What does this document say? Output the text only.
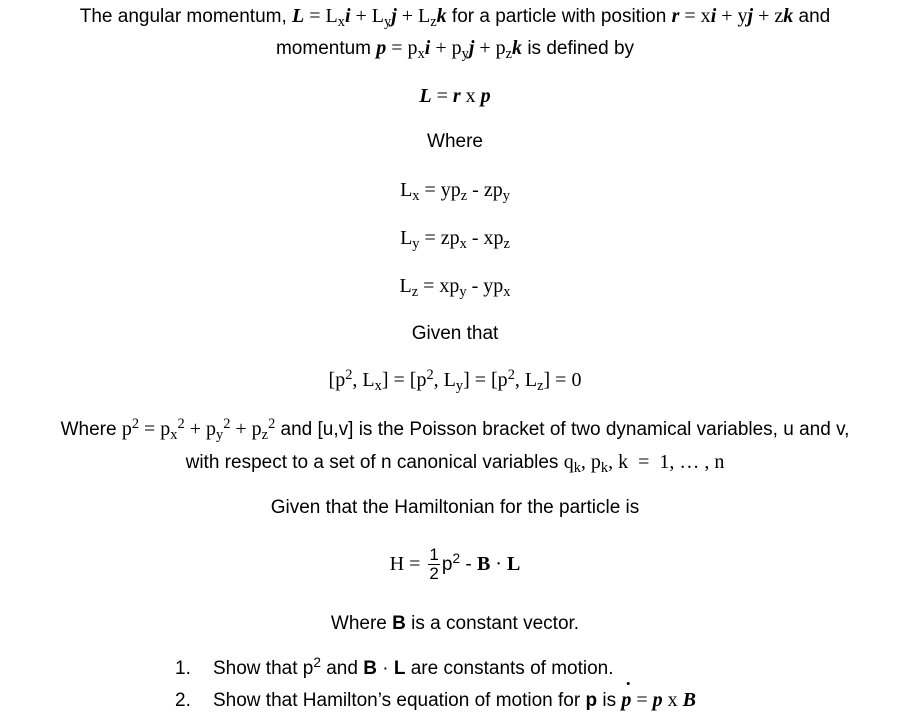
The angular momentum, $L = L_xi + L_yj + L_zk$ for a particle with position r = xi + yj + zk and
momentum $p = p_xi + p_yj + p_zk$ is defined by
L = r x p
Where
$L_x = yp_z - zp_y$
$L_y = zp_x - xp_z$
$L_z = xp_y - yp_x$
Given that
[$p^2$, $L_x] = [p^2$, $L_y] = [p^2$, $L_z] = 0$
Where $p^2 = p_x^2 + p_y^2 + p_z^2$ and [u,v] is the Poisson bracket of two dynamical variables, u and v,
with respect to a set of n canonical variables $q_k$, $p_k$, k  =  1, … , n
Given that the Hamiltonian for the particle is
$H = \frac{1}{2} p^2 - B \cdot L$
Where B is a constant vector.
1. Show that $p^2$ and B · L are constants of motion.
2. Show that Hamilton’s equation of motion for p is ˙ p = p x B
